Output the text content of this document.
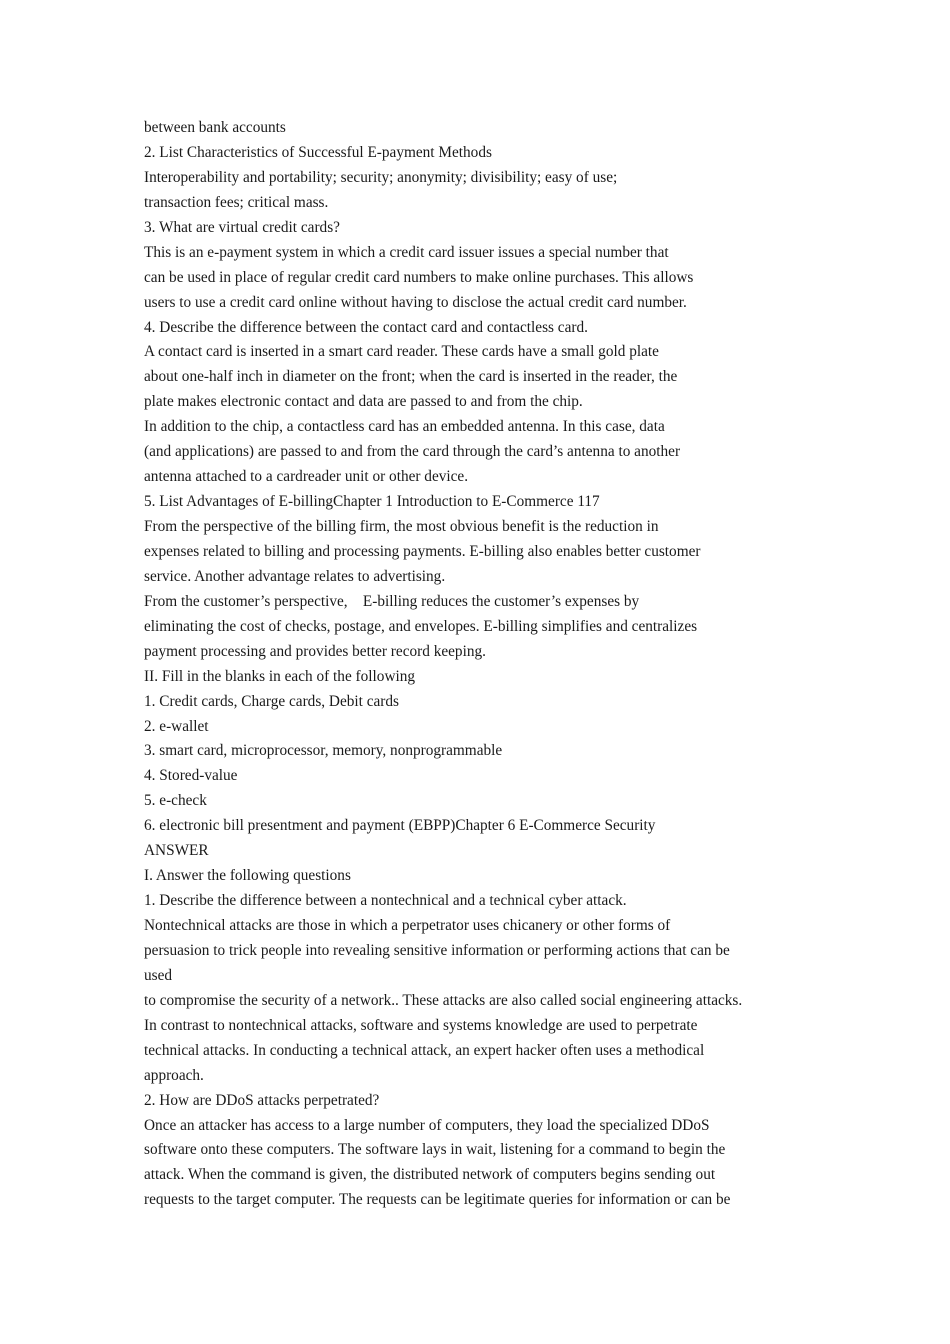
between bank accounts
2. List Characteristics of Successful E-payment Methods
Interoperability and portability; security; anonymity; divisibility; easy of use;
transaction fees; critical mass.
3. What are virtual credit cards?
This is an e-payment system in which a credit card issuer issues a special number that
can be used in place of regular credit card numbers to make online purchases. This allows
users to use a credit card online without having to disclose the actual credit card number.
4. Describe the difference between the contact card and contactless card.
A contact card is inserted in a smart card reader. These cards have a small gold plate
about one-half inch in diameter on the front; when the card is inserted in the reader, the
plate makes electronic contact and data are passed to and from the chip.
In addition to the chip, a contactless card has an embedded antenna. In this case, data
(and applications) are passed to and from the card through the card’s antenna to another
antenna attached to a cardreader unit or other device.
5. List Advantages of E-billingChapter 1 Introduction to E-Commerce 117
From the perspective of the billing firm, the most obvious benefit is the reduction in
expenses related to billing and processing payments. E-billing also enables better customer
service. Another advantage relates to advertising.
From the customer’s perspective,    E-billing reduces the customer’s expenses by
eliminating the cost of checks, postage, and envelopes. E-billing simplifies and centralizes
payment processing and provides better record keeping.
II. Fill in the blanks in each of the following
1. Credit cards, Charge cards, Debit cards
2. e-wallet
3. smart card, microprocessor, memory, nonprogrammable
4. Stored-value
5. e-check
6. electronic bill presentment and payment (EBPP)Chapter 6 E-Commerce Security
ANSWER
I. Answer the following questions
1. Describe the difference between a nontechnical and a technical cyber attack.
Nontechnical attacks are those in which a perpetrator uses chicanery or other forms of
persuasion to trick people into revealing sensitive information or performing actions that can be
used
to compromise the security of a network.. These attacks are also called social engineering attacks.
In contrast to nontechnical attacks, software and systems knowledge are used to perpetrate
technical attacks. In conducting a technical attack, an expert hacker often uses a methodical
approach.
2. How are DDoS attacks perpetrated?
Once an attacker has access to a large number of computers, they load the specialized DDoS
software onto these computers. The software lays in wait, listening for a command to begin the
attack. When the command is given, the distributed network of computers begins sending out
requests to the target computer. The requests can be legitimate queries for information or can be
